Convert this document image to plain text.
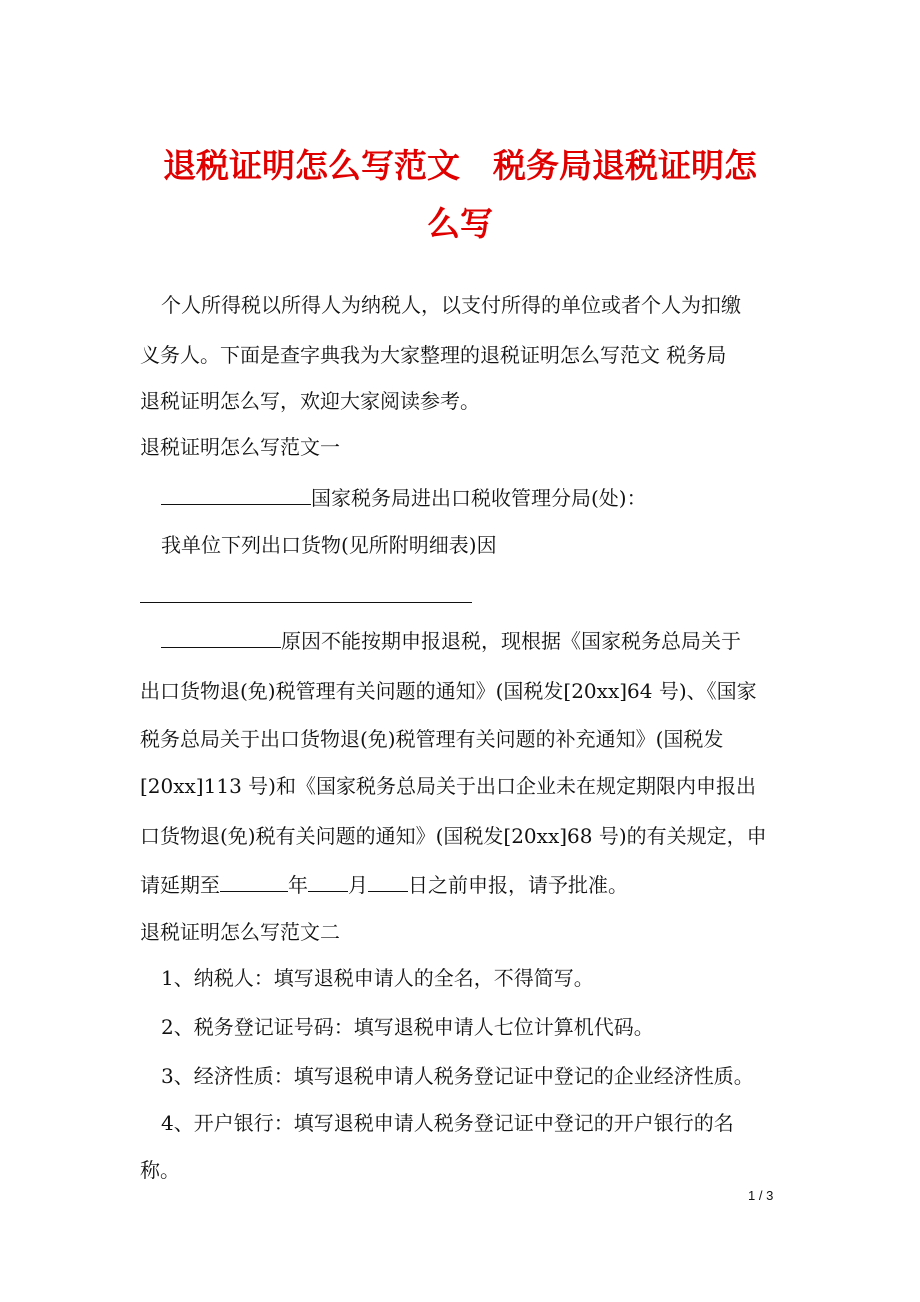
退税证明怎么写范文　税务局退税证明怎
么写
个人所得税以所得人为纳税人，以支付所得的单位或者个人为扣缴
义务人。下面是查字典我为大家整理的退税证明怎么写范文 税务局
退税证明怎么写，欢迎大家阅读参考。
退税证明怎么写范文一
国家税务局进出口税收管理分局(处)：
我单位下列出口货物(见所附明细表)因
原因不能按期申报退税，现根据《国家税务总局关于
出口货物退(免)税管理有关问题的通知》(国税发[20xx]64 号)、《国家
税务总局关于出口货物退(免)税管理有关问题的补充通知》(国税发
[20xx]113 号)和《国家税务总局关于出口企业未在规定期限内申报出
口货物退(免)税有关问题的通知》(国税发[20xx]68 号)的有关规定，申
请延期至	年 月 日之前申报，请予批准。
退税证明怎么写范文二
1、纳税人：填写退税申请人的全名，不得简写。
2、税务登记证号码：填写退税申请人七位计算机代码。
3、经济性质：填写退税申请人税务登记证中登记的企业经济性质。
4、开户银行：填写退税申请人税务登记证中登记的开户银行的名
称。
1 / 3
